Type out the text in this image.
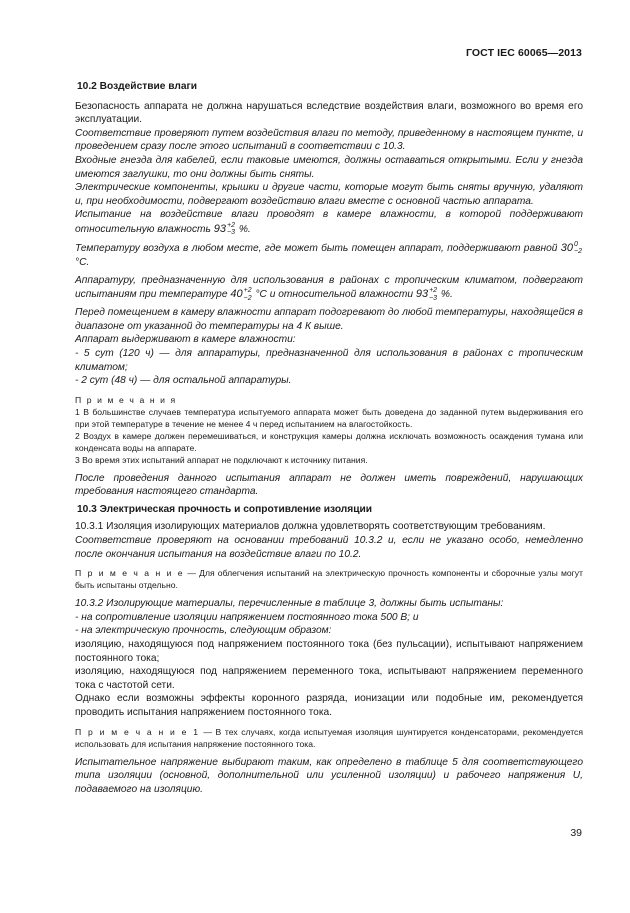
ГОСТ IEC 60065—2013

10.2 Воздействие влаги

Безопасность аппарата не должна нарушаться вследствие воздействия влаги, возможного во время его эксплуатации.

Соответствие проверяют путем воздействия влаги по методу, приведенному в настоящем пункте, и проведением сразу после этого испытаний в соответствии с 10.3.

Входные гнезда для кабелей, если таковые имеются, должны оставаться открытыми. Если у гнезда имеются заглушки, то они должны быть сняты.

Электрические компоненты, крышки и другие части, которые могут быть сняты вручную, удаляют и, при необходимости, подвергают воздействию влаги вместе с основной частью аппарата.

Испытание на воздействие влаги проводят в камере влажности, в которой поддерживают относительную влажность 93 +2
−3 %.

Температуру воздуха в любом месте, где может быть помещен аппарат, поддерживают равной 30 0
−2
°С.

Аппаратуру, предназначенную для использования в районах с тропическим климатом, подвергают испытаниям при температуре 40 +2
−2 °С и относительной влажности 93 +2
−3 %.

Перед помещением в камеру влажности аппарат подогревают до любой температуры, находящейся в диапазоне от указанной до температуры на 4 К выше.

Аппарат выдерживают в камере влажности:

- 5 сут (120 ч) — для аппаратуры, предназначенной для использования в районах с тропическим климатом;

- 2 сут (48 ч) — для остальной аппаратуры.

П р и м е ч а н и я

1 В большинстве случаев температура испытуемого аппарата может быть доведена до заданной путем выдерживания его при этой температуре в течение не менее 4 ч перед испытанием на влагостойкость.

2 Воздух в камере должен перемешиваться, и конструкция камеры должна исключать возможность осаждения тумана или конденсата воды на аппарате.

3 Во время этих испытаний аппарат не подключают к источнику питания.

После проведения данного испытания аппарат не должен иметь повреждений, нарушающих требования настоящего стандарта.

10.3 Электрическая прочность и сопротивление изоляции

10.3.1 Изоляция изолирующих материалов должна удовлетворять соответствующим требованиям.

Соответствие проверяют на основании требований 10.3.2 и, если не указано особо, немедленно после окончания испытания на воздействие влаги по 10.2.

П р и м е ч а н и е — Для облегчения испытаний на электрическую прочность компоненты и сборочные узлы могут быть испытаны отдельно.

10.3.2 Изолирующие материалы, перечисленные в таблице 3, должны быть испытаны:

- на сопротивление изоляции напряжением постоянного тока 500 В; и

- на электрическую прочность, следующим образом:

изоляцию, находящуюся под напряжением постоянного тока (без пульсации), испытывают напряжением постоянного тока;

изоляцию, находящуюся под напряжением переменного тока, испытывают напряжением переменного тока с частотой сети.

Однако если возможны эффекты коронного разряда, ионизации или подобные им, рекомендуется проводить испытания напряжением постоянного тока.

П р и м е ч а н и е 1 — В тех случаях, когда испытуемая изоляция шунтируется конденсаторами, рекомендуется использовать для испытания напряжение постоянного тока.

Испытательное напряжение выбирают таким, как определено в таблице 5 для соответствующего типа изоляции (основной, дополнительной или усиленной изоляции) и рабочего напряжения U, подаваемого на изоляцию.

39
